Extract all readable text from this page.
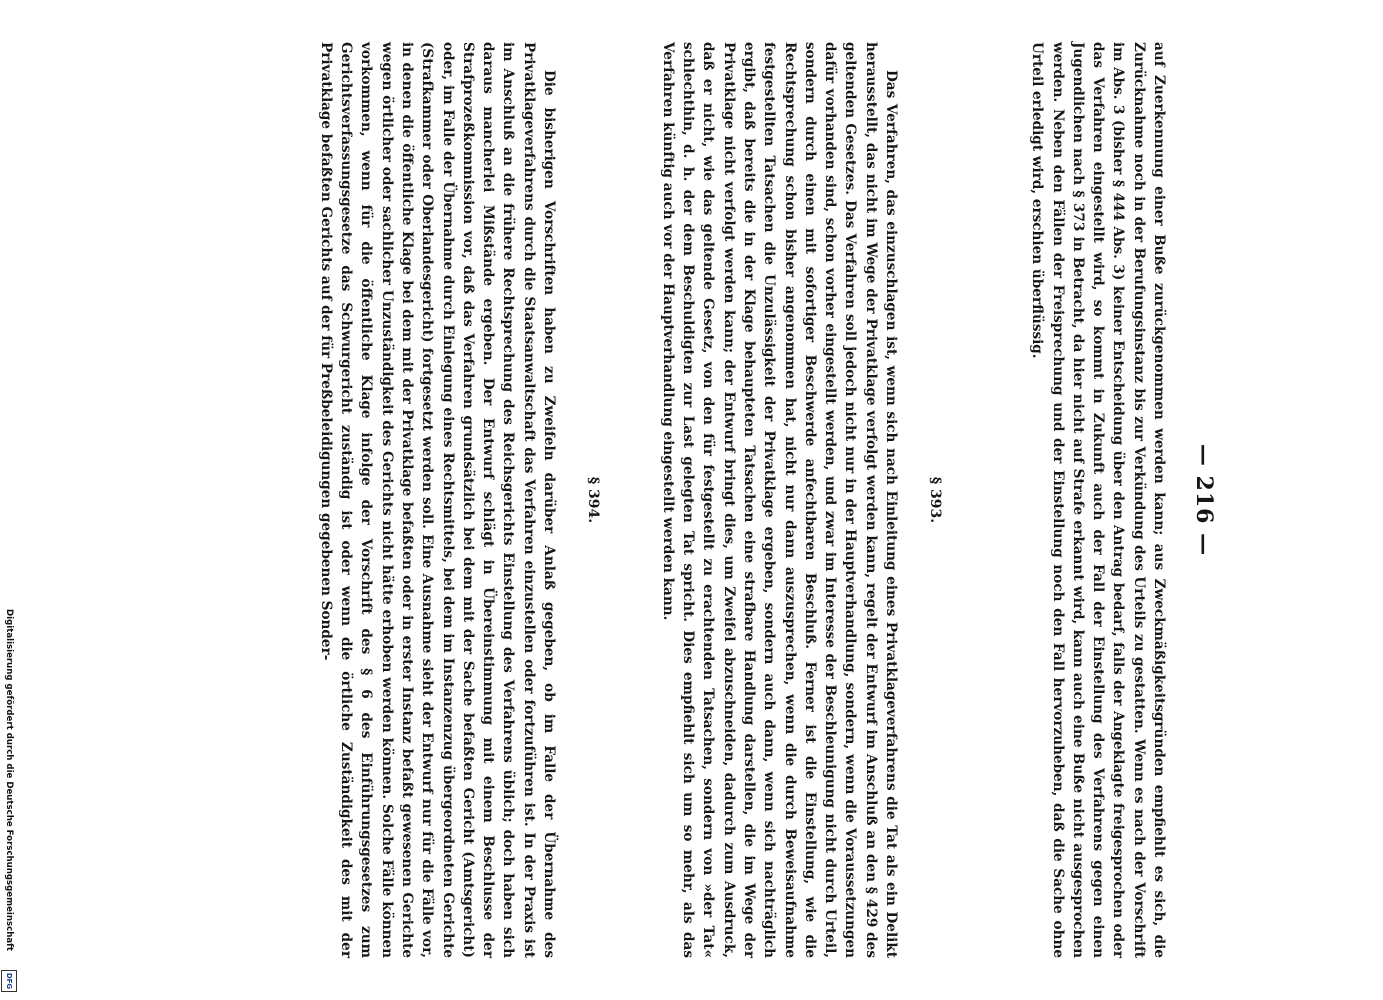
— 216 —

auf Zuerkennung einer Buße zurückgenommen werden kann; aus Zweckmäßigkeitsgründen empfiehlt es sich, die Zurücknahme noch in der Berufungsinstanz bis zur Verkündung des Urteils zu gestatten. Wenn es nach der Vorschrift im Abs. 3 (bisher § 444 Abs. 3) keiner Entscheidung über den Antrag bedarf, falls der Angeklagte freigesprochen oder das Verfahren eingestellt wird, so kommt in Zukunft auch der Fall der Einstellung des Verfahrens gegen einen Jugendlichen nach § 373 in Betracht, da hier nicht auf Strafe erkannt wird, kann auch eine Buße nicht ausgesprochen werden. Neben den Fällen der Freisprechung und der Einstellung noch den Fall hervorzuheben, daß die Sache ohne Urteil erledigt wird, erschien überflüssig.

§ 393.

Das Verfahren, das einzuschlagen ist, wenn sich nach Einleitung eines Privatklageverfahrens die Tat als ein Delikt herausstellt, das nicht im Wege der Privatklage verfolgt werden kann, regelt der Entwurf im Anschluß an den § 429 des geltenden Gesetzes. Das Verfahren soll jedoch nicht nur in der Hauptverhandlung, sondern, wenn die Voraussetzungen dafür vorhanden sind, schon vorher eingestellt werden, und zwar im Interesse der Beschleunigung nicht durch Urteil, sondern durch einen mit sofortiger Beschwerde anfechtbaren Beschluß. Ferner ist die Einstellung, wie die Rechtsprechung schon bisher angenommen hat, nicht nur dann auszusprechen, wenn die durch Beweisaufnahme festgestellten Tatsachen die Unzulässigkeit der Privatklage ergeben, sondern auch dann, wenn sich nachträglich ergibt, daß bereits die in der Klage behaupteten Tatsachen eine strafbare Handlung darstellen, die im Wege der Privatklage nicht verfolgt werden kann; der Entwurf bringt dies, um Zweifel abzuschneiden, dadurch zum Ausdruck, daß er nicht, wie das geltende Gesetz, von den für festgestellt zu erachtenden Tatsachen, sondern von »der Tat« schlechthin, d. h. der dem Beschuldigten zur Last gelegten Tat spricht. Dies empfiehlt sich um so mehr, als das Verfahren künftig auch vor der Hauptverhandlung eingestellt werden kann.

§ 394.

Die bisherigen Vorschriften haben zu Zweifeln darüber Anlaß gegeben, ob im Falle der Übernahme des Privatklageverfahrens durch die Staatsanwaltschaft das Verfahren einzustellen oder fortzuführen ist. In der Praxis ist im Anschluß an die frühere Rechtsprechung des Reichsgerichts Einstellung des Verfahrens üblich; doch haben sich daraus mancherlei Mißstände ergeben. Der Entwurf schlägt in Übereinstimmung mit einem Beschlusse der Strafprozeßkommission vor, daß das Verfahren grundsätzlich bei dem mit der Sache befaßten Gericht (Amtsgericht) oder, im Falle der Übernahme durch Einlegung eines Rechtsmittels, bei dem im Instanzenzug übergeordneten Gerichte (Strafkammer oder Oberlandesgericht) fortgesetzt werden soll. Eine Ausnahme sieht der Entwurf nur für die Fälle vor, in denen die öffentliche Klage bei dem mit der Privatklage befaßten oder in erster Instanz befaßt gewesenen Gerichte wegen örtlicher oder sachlicher Unzuständigkeit des Gerichts nicht hätte erhoben werden können. Solche Fälle können vorkommen, wenn für die öffentliche Klage infolge der Vorschrift des § 6 des Einführungsgesetzes zum Gerichtsverfassungsgesetze das Schwurgericht zuständig ist oder wenn die örtliche Zuständigkeit des mit der Privatklage befaßten Gerichts auf der für Preßbeleidigungen gegebenen Sonder-

Digitalisierung gefördert durch die Deutsche Forschungsgemeinschaft
DFG
